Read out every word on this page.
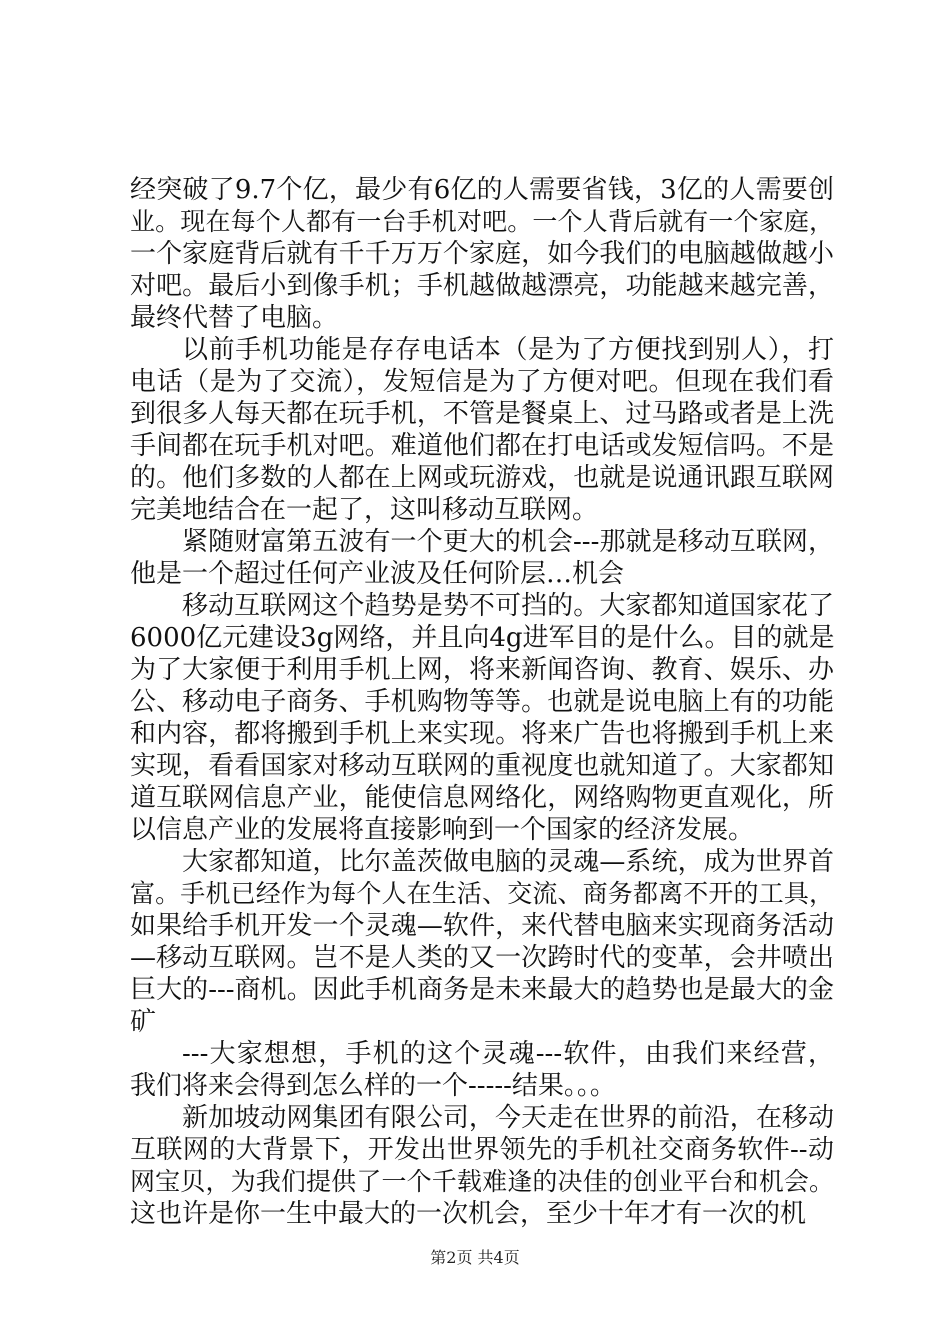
经突破了9.7个亿，最少有6亿的人需要省钱，3亿的人需要创
业。现在每个人都有一台手机对吧。一个人背后就有一个家庭，
一个家庭背后就有千千万万个家庭，如今我们的电脑越做越小
对吧。最后小到像手机；手机越做越漂亮，功能越来越完善，
最终代替了电脑。
以前手机功能是存存电话本（是为了方便找到别人），打
电话（是为了交流），发短信是为了方便对吧。但现在我们看
到很多人每天都在玩手机，不管是餐桌上、过马路或者是上洗
手间都在玩手机对吧。难道他们都在打电话或发短信吗。不是
的。他们多数的人都在上网或玩游戏，也就是说通讯跟互联网
完美地结合在一起了，这叫移动互联网。
紧随财富第五波有一个更大的机会---那就是移动互联网，
他是一个超过任何产业波及任何阶层…机会
移动互联网这个趋势是势不可挡的。大家都知道国家花了
6000亿元建设3g网络，并且向4g进军目的是什么。目的就是
为了大家便于利用手机上网，将来新闻咨询、教育、娱乐、办
公、移动电子商务、手机购物等等。也就是说电脑上有的功能
和内容，都将搬到手机上来实现。将来广告也将搬到手机上来
实现，看看国家对移动互联网的重视度也就知道了。大家都知
道互联网信息产业，能使信息网络化，网络购物更直观化，所
以信息产业的发展将直接影响到一个国家的经济发展。
大家都知道，比尔盖茨做电脑的灵魂—系统，成为世界首
富。手机已经作为每个人在生活、交流、商务都离不开的工具，
如果给手机开发一个灵魂—软件，来代替电脑来实现商务活动
—移动互联网。岂不是人类的又一次跨时代的变革，会井喷出
巨大的---商机。因此手机商务是未来最大的趋势也是最大的金
矿
---大家想想，手机的这个灵魂---软件，由我们来经营，
我们将来会得到怎么样的一个-----结果。。。
新加坡动网集团有限公司，今天走在世界的前沿，在移动
互联网的大背景下，开发出世界领先的手机社交商务软件--动
网宝贝，为我们提供了一个千载难逢的决佳的创业平台和机会。
这也许是你一生中最大的一次机会，至少十年才有一次的机
第2页 共4页
